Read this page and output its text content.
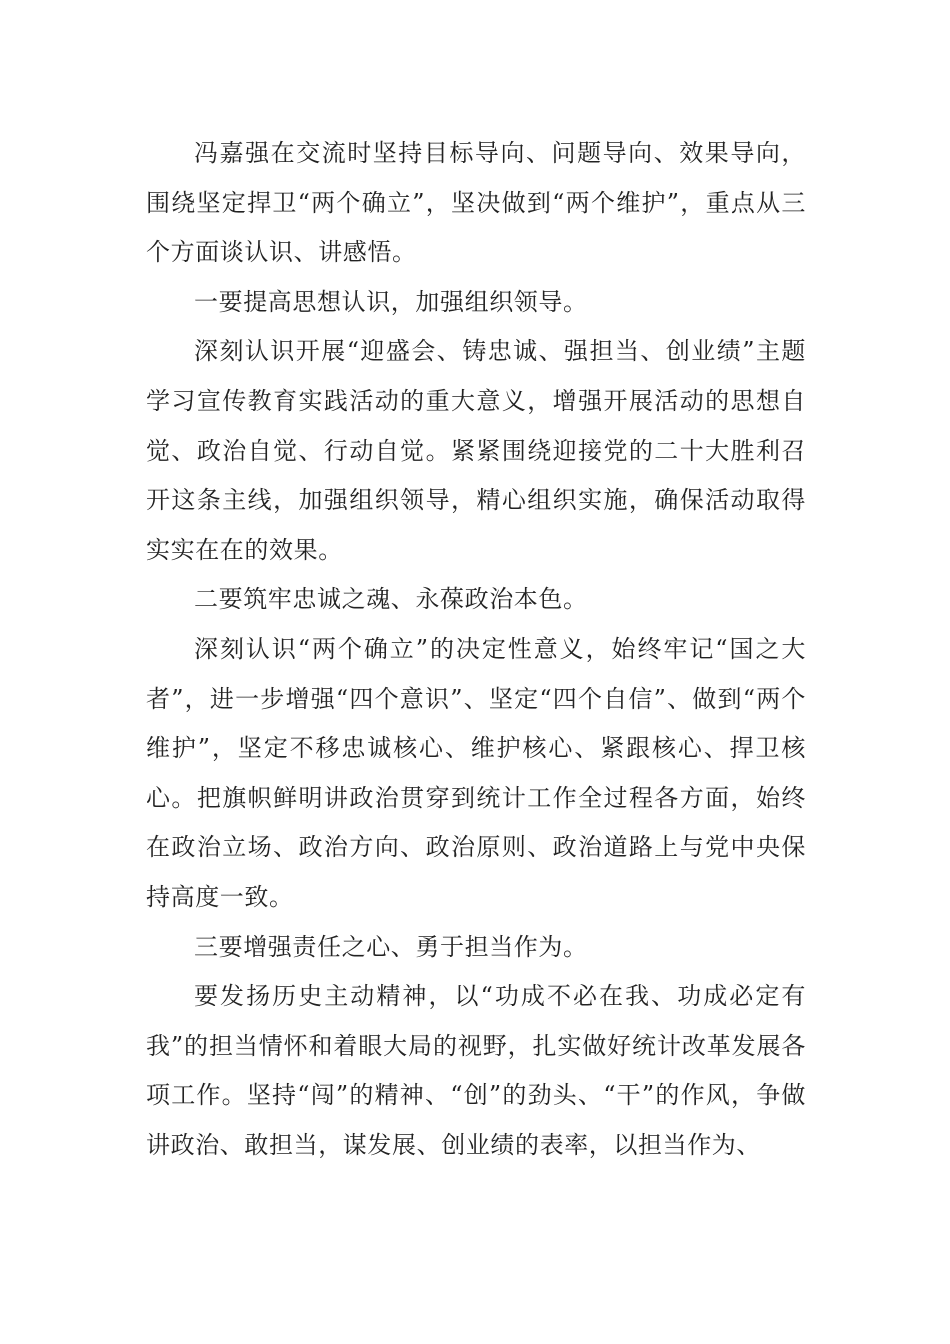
冯嘉强在交流时坚持目标导向、问题导向、效果导向，围绕坚定捍卫“两个确立”，坚决做到“两个维护”，重点从三个方面谈认识、讲感悟。

一要提高思想认识，加强组织领导。

深刻认识开展“迎盛会、铸忠诚、强担当、创业绩”主题学习宣传教育实践活动的重大意义，增强开展活动的思想自觉、政治自觉、行动自觉。紧紧围绕迎接党的二十大胜利召开这条主线，加强组织领导，精心组织实施，确保活动取得实实在在的效果。

二要筑牢忠诚之魂、永葆政治本色。

深刻认识“两个确立”的决定性意义，始终牢记“国之大者”，进一步增强“四个意识”、坚定“四个自信”、做到“两个维护”，坚定不移忠诚核心、维护核心、紧跟核心、捍卫核心。把旗帜鲜明讲政治贯穿到统计工作全过程各方面，始终在政治立场、政治方向、政治原则、政治道路上与党中央保持高度一致。

三要增强责任之心、勇于担当作为。

要发扬历史主动精神，以“功成不必在我、功成必定有我”的担当情怀和着眼大局的视野，扎实做好统计改革发展各项工作。坚持“闯”的精神、“创”的劲头、“干”的作风，争做讲政治、敢担当，谋发展、创业绩的表率，以担当作为、
